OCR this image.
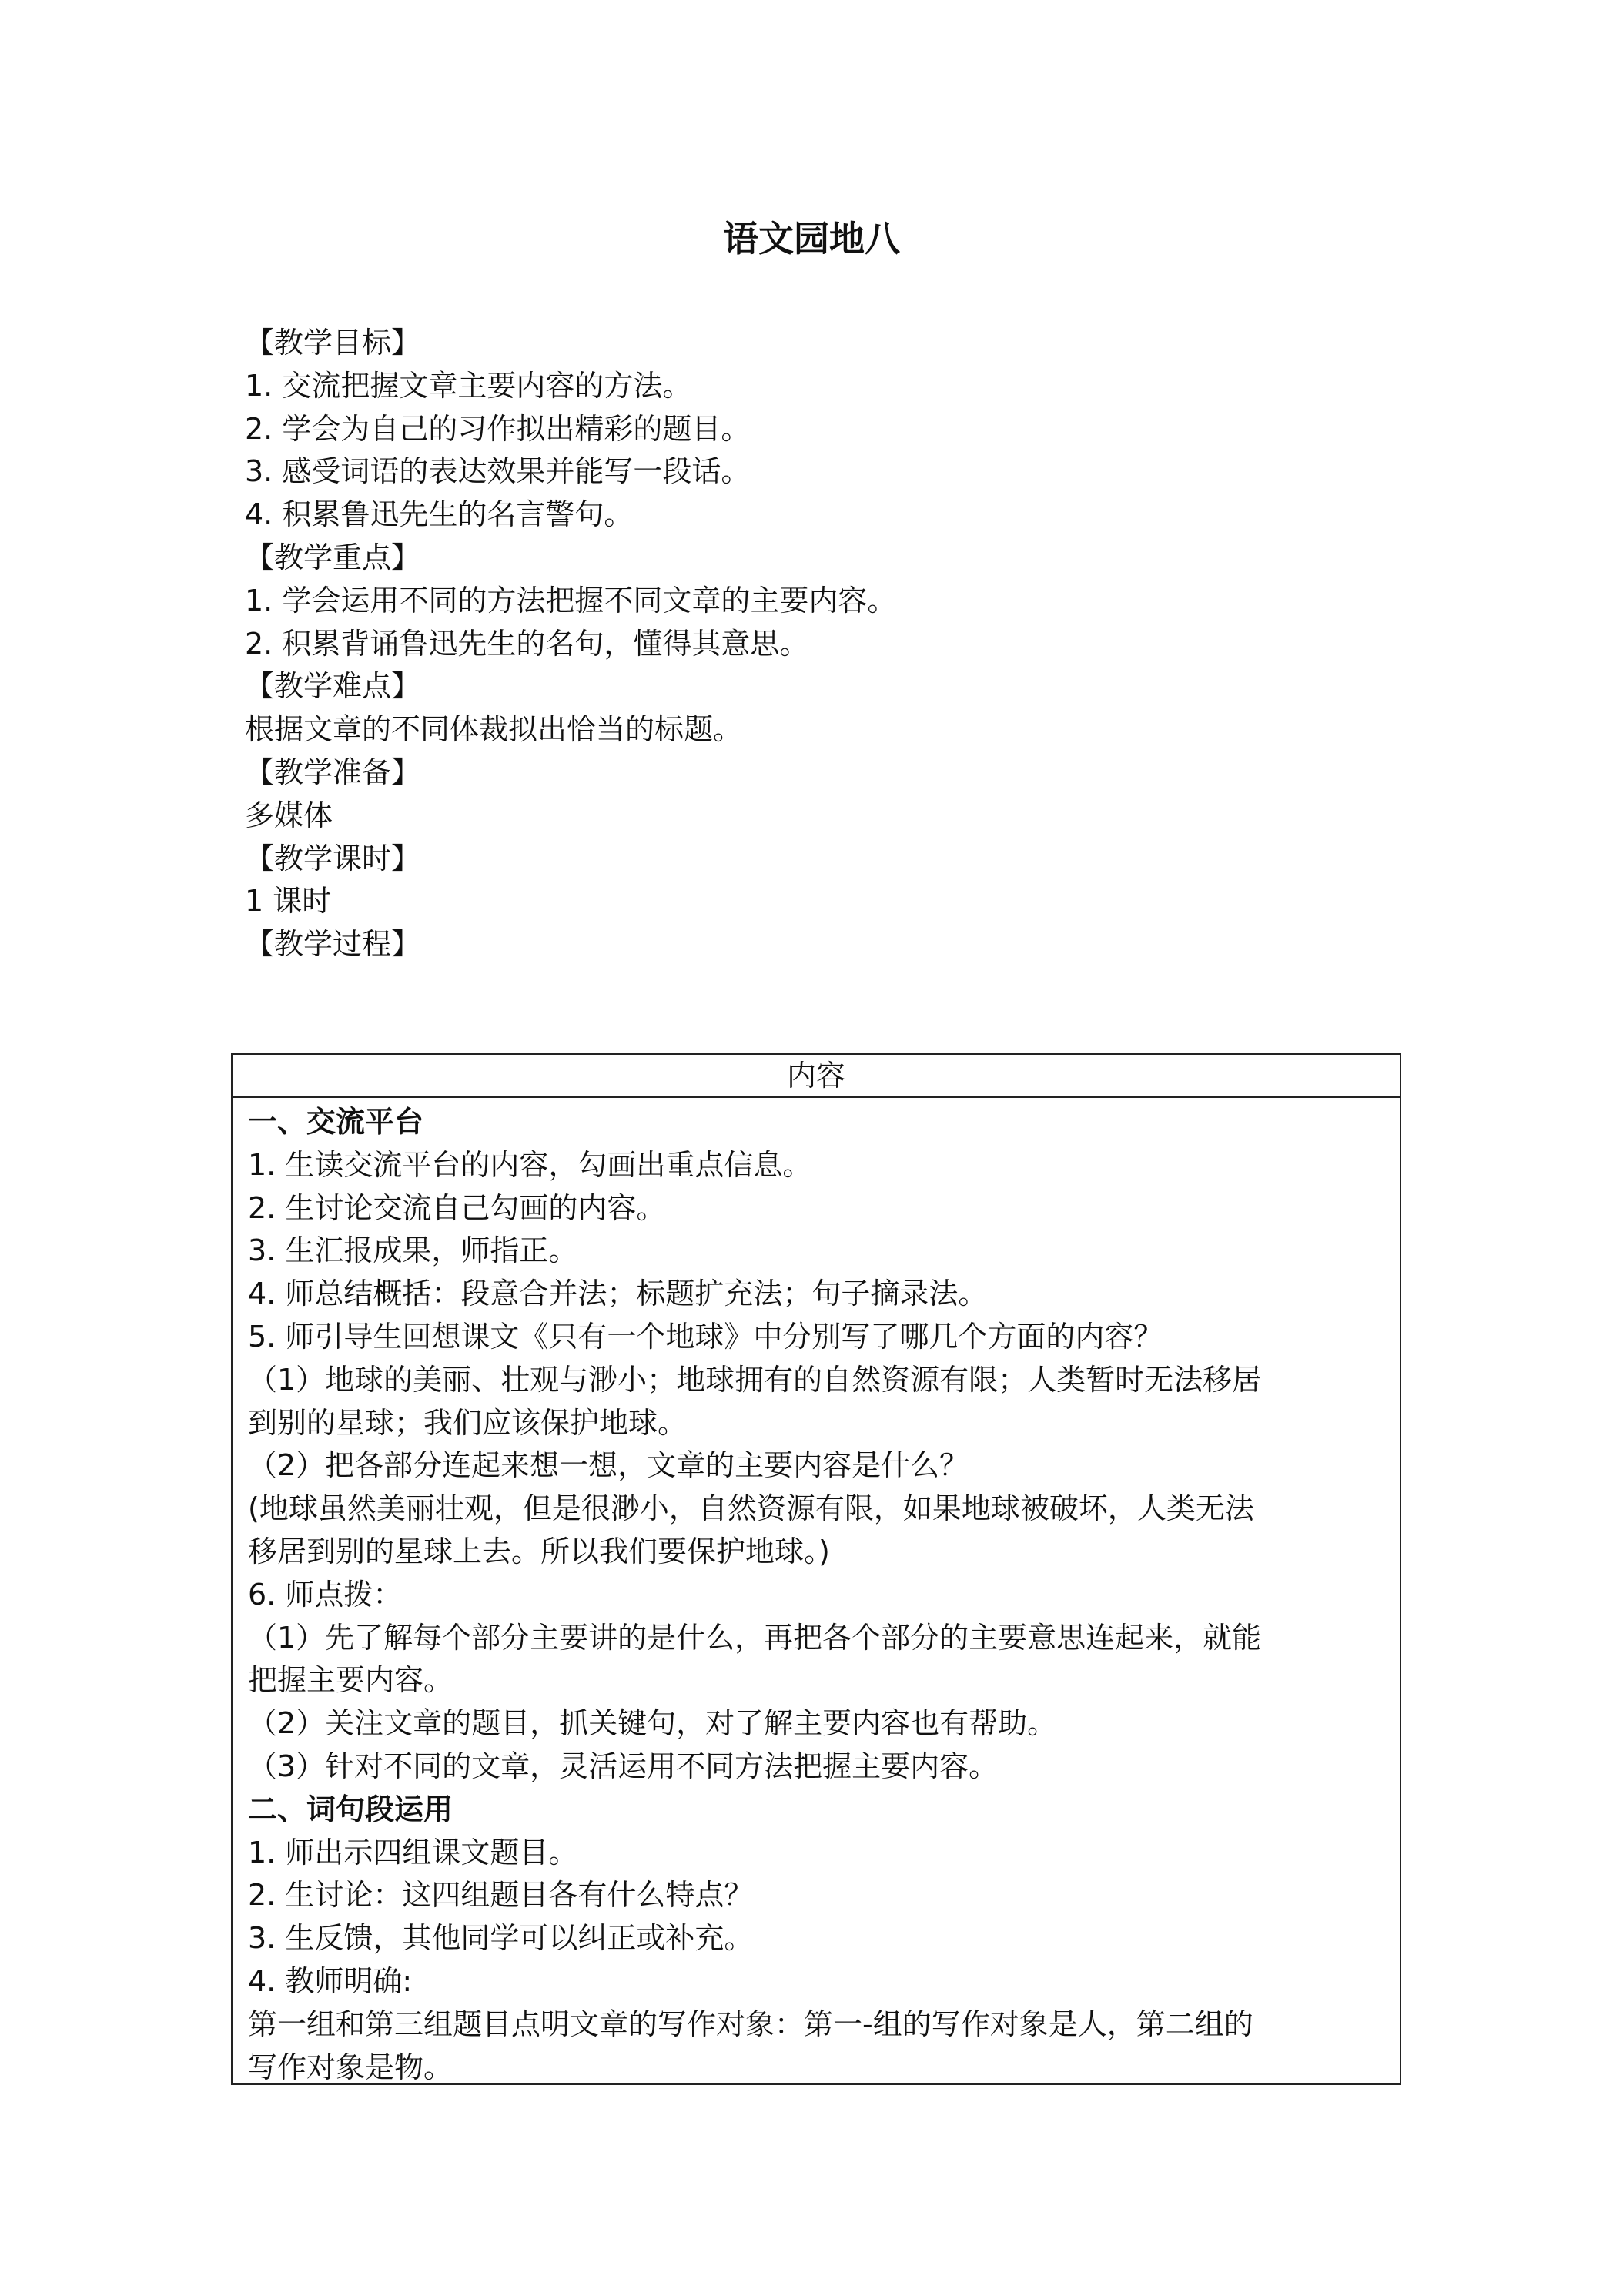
语文园地八
【教学目标】
1. 交流把握文章主要内容的方法。
2. 学会为自己的习作拟出精彩的题目。
3. 感受词语的表达效果并能写一段话。
4. 积累鲁迅先生的名言警句。
【教学重点】
1. 学会运用不同的方法把握不同文章的主要内容。
2. 积累背诵鲁迅先生的名句，懂得其意思。
【教学难点】
根据文章的不同体裁拟出恰当的标题。
【教学准备】
多媒体
【教学课时】
1 课时
【教学过程】
内容
一、交流平台
1. 生读交流平台的内容，勾画出重点信息。
2. 生讨论交流自己勾画的内容。
3. 生汇报成果，师指正。
4. 师总结概括：段意合并法；标题扩充法；句子摘录法。
5. 师引导生回想课文《只有一个地球》中分别写了哪几个方面的内容？
（1）地球的美丽、壮观与渺小；地球拥有的自然资源有限；人类暂时无法移居
到别的星球；我们应该保护地球。
（2）把各部分连起来想一想，文章的主要内容是什么？
(地球虽然美丽壮观，但是很渺小，自然资源有限，如果地球被破坏，人类无法
移居到别的星球上去。所以我们要保护地球。)
6. 师点拨：
（1）先了解每个部分主要讲的是什么，再把各个部分的主要意思连起来，就能
把握主要内容。
（2）关注文章的题目，抓关键句，对了解主要内容也有帮助。
（3）针对不同的文章，灵活运用不同方法把握主要内容。
二、词句段运用
1. 师出示四组课文题目。
2. 生讨论：这四组题目各有什么特点？
3. 生反馈，其他同学可以纠正或补充。
4. 教师明确:
第一组和第三组题目点明文章的写作对象：第一-组的写作对象是人，第二组的
写作对象是物。
